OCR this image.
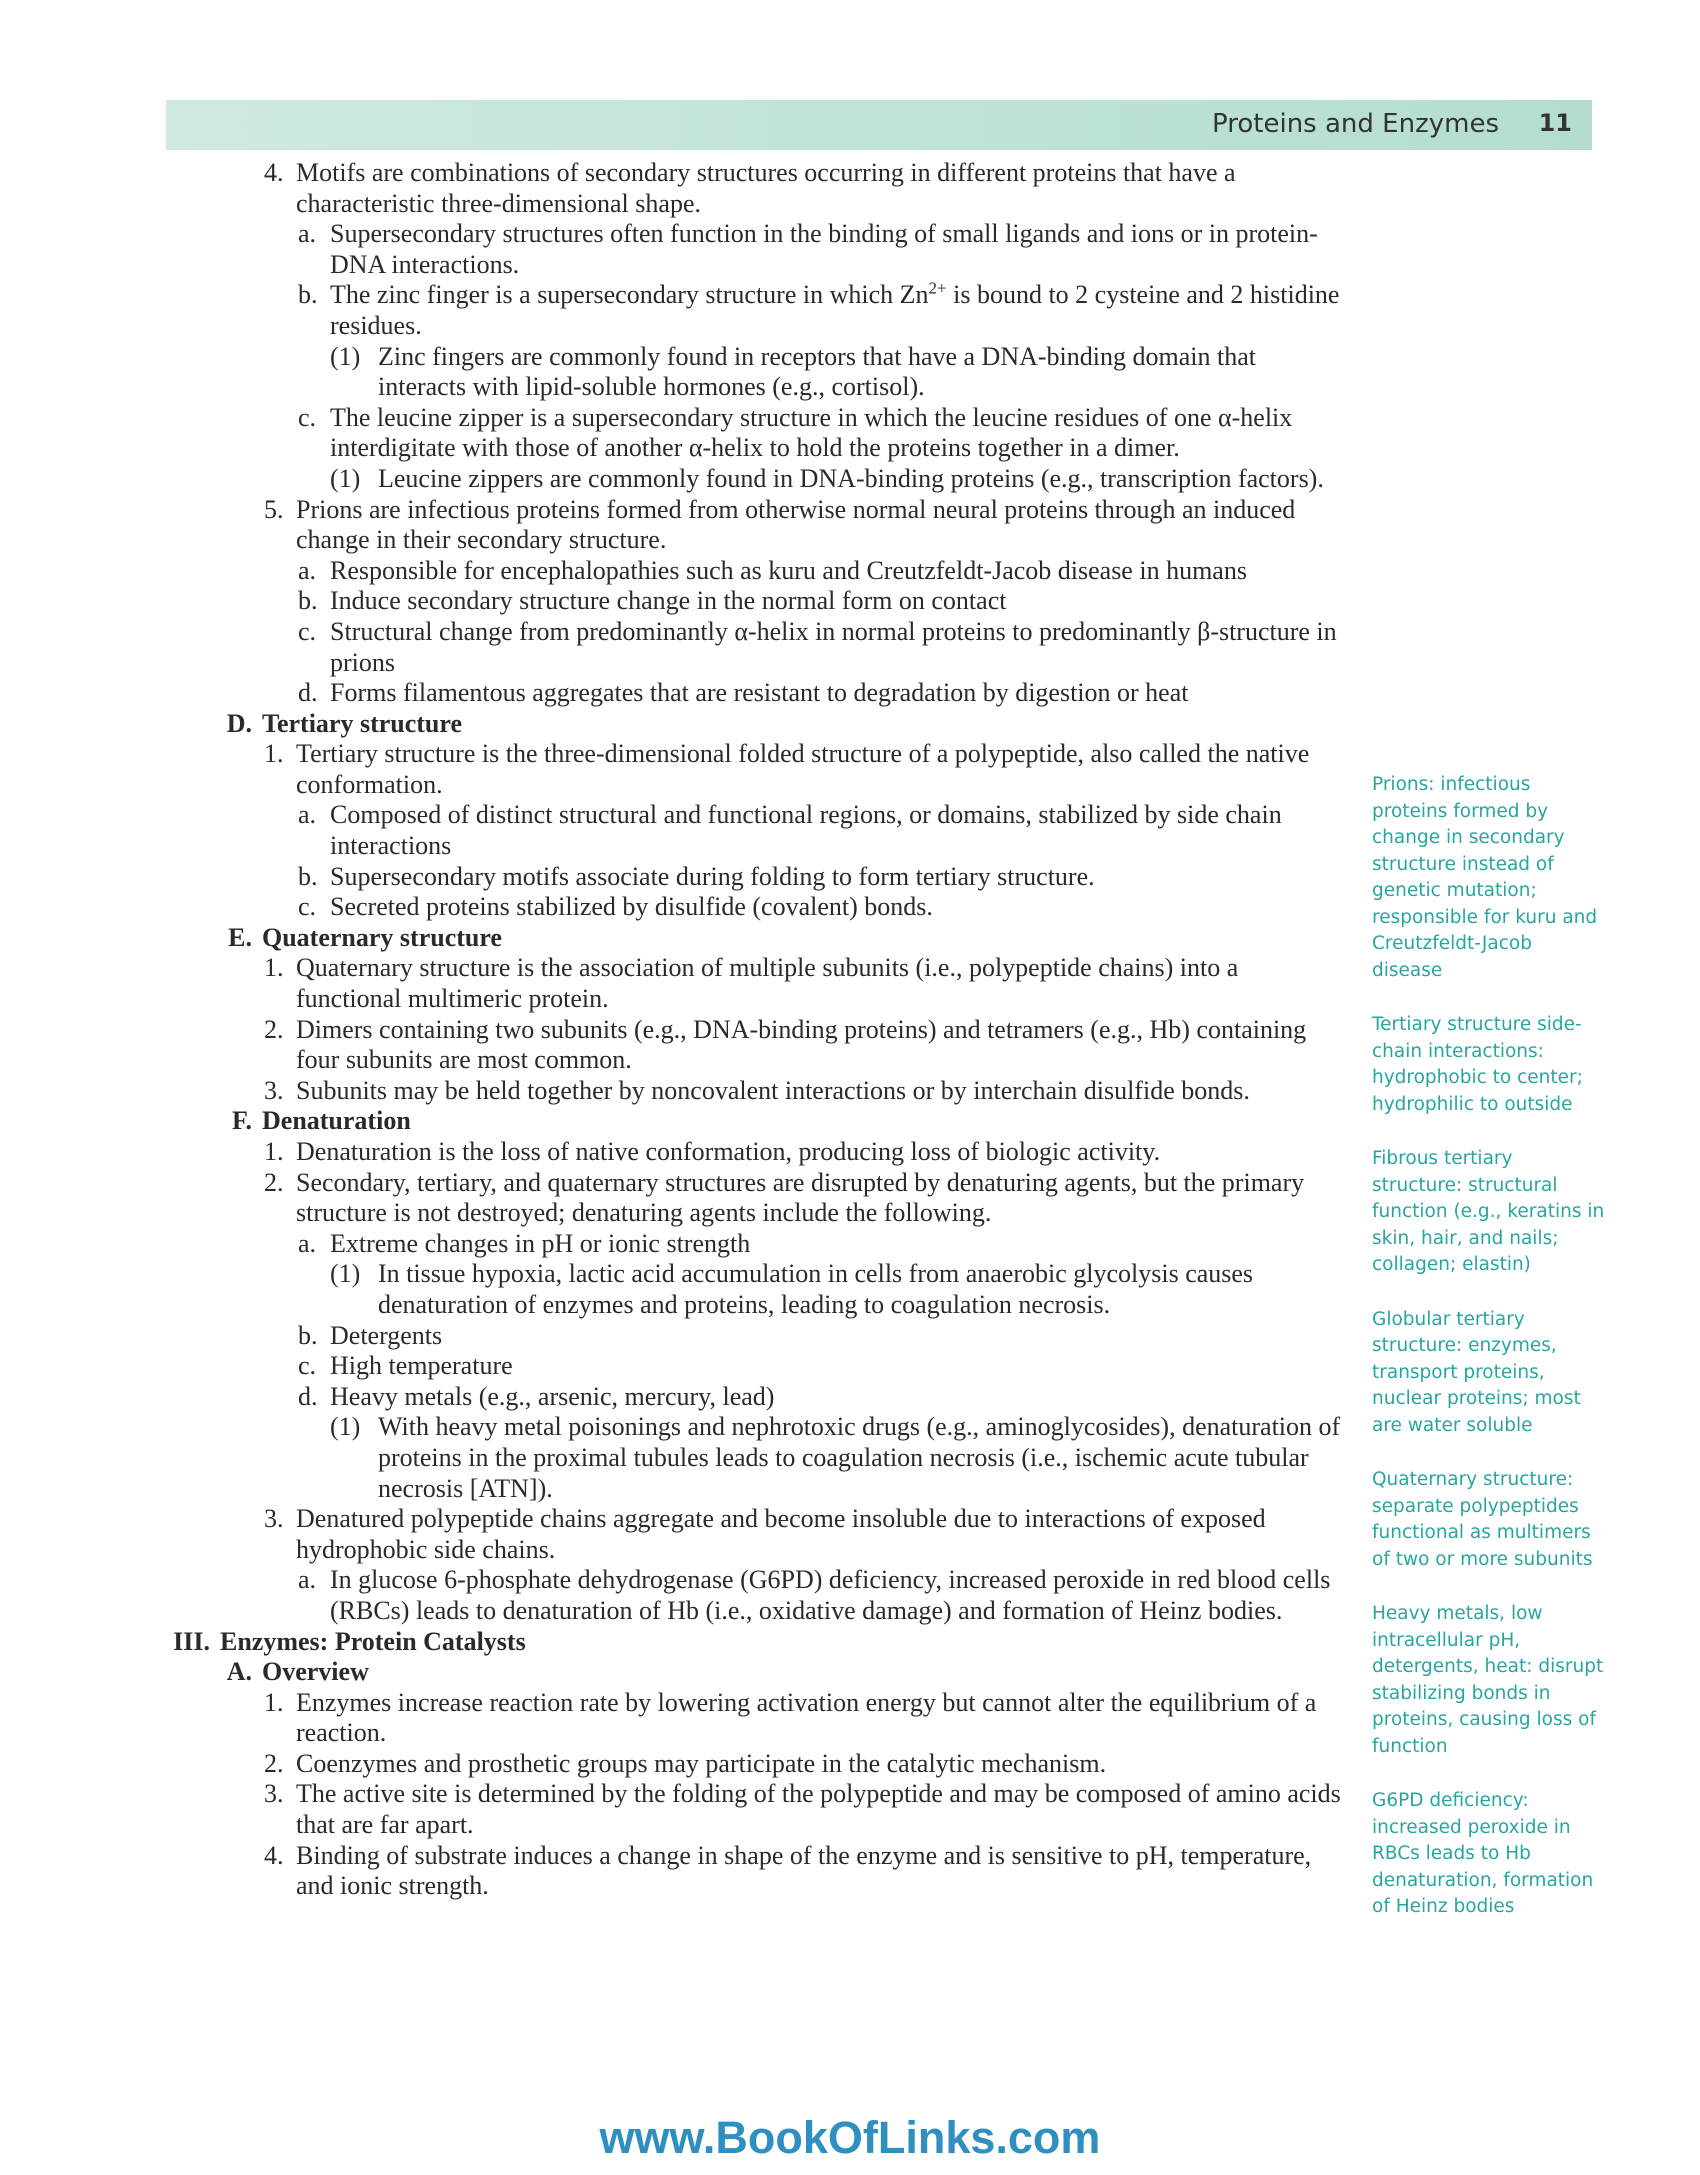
Proteins and Enzymes 11
4. Motifs are combinations of secondary structures occurring in different proteins that have a characteristic three-dimensional shape.
a. Supersecondary structures often function in the binding of small ligands and ions or in protein-DNA interactions.
b. The zinc finger is a supersecondary structure in which $Zn^{2+}$ is bound to 2 cysteine and 2 histidine residues.
(1) Zinc fingers are commonly found in receptors that have a DNA-binding domain that interacts with lipid-soluble hormones (e.g., cortisol).
c. The leucine zipper is a supersecondary structure in which the leucine residues of one α-helix interdigitate with those of another α-helix to hold the proteins together in a dimer.
(1) Leucine zippers are commonly found in DNA-binding proteins (e.g., transcription factors).
5. Prions are infectious proteins formed from otherwise normal neural proteins through an induced change in their secondary structure.
a. Responsible for encephalopathies such as kuru and Creutzfeldt-Jacob disease in humans
b. Induce secondary structure change in the normal form on contact
c. Structural change from predominantly α-helix in normal proteins to predominantly β-structure in prions
d. Forms filamentous aggregates that are resistant to degradation by digestion or heat
D. Tertiary structure
1. Tertiary structure is the three-dimensional folded structure of a polypeptide, also called the native conformation.
a. Composed of distinct structural and functional regions, or domains, stabilized by side chain interactions
b. Supersecondary motifs associate during folding to form tertiary structure.
c. Secreted proteins stabilized by disulfide (covalent) bonds.
E. Quaternary structure
1. Quaternary structure is the association of multiple subunits (i.e., polypeptide chains) into a functional multimeric protein.
2. Dimers containing two subunits (e.g., DNA-binding proteins) and tetramers (e.g., Hb) containing four subunits are most common.
3. Subunits may be held together by noncovalent interactions or by interchain disulfide bonds.
F. Denaturation
1. Denaturation is the loss of native conformation, producing loss of biologic activity.
2. Secondary, tertiary, and quaternary structures are disrupted by denaturing agents, but the primary structure is not destroyed; denaturing agents include the following.
a. Extreme changes in pH or ionic strength
(1) In tissue hypoxia, lactic acid accumulation in cells from anaerobic glycolysis causes denaturation of enzymes and proteins, leading to coagulation necrosis.
b. Detergents
c. High temperature
d. Heavy metals (e.g., arsenic, mercury, lead)
(1) With heavy metal poisonings and nephrotoxic drugs (e.g., aminoglycosides), denaturation of proteins in the proximal tubules leads to coagulation necrosis (i.e., ischemic acute tubular necrosis [ATN]).
3. Denatured polypeptide chains aggregate and become insoluble due to interactions of exposed hydrophobic side chains.
a. In glucose 6-phosphate dehydrogenase (G6PD) deficiency, increased peroxide in red blood cells (RBCs) leads to denaturation of Hb (i.e., oxidative damage) and formation of Heinz bodies.
III. Enzymes: Protein Catalysts
A. Overview
1. Enzymes increase reaction rate by lowering activation energy but cannot alter the equilibrium of a reaction.
2. Coenzymes and prosthetic groups may participate in the catalytic mechanism.
3. The active site is determined by the folding of the polypeptide and may be composed of amino acids that are far apart.
4. Binding of substrate induces a change in shape of the enzyme and is sensitive to pH, temperature, and ionic strength.
Prions: infectious proteins formed by change in secondary structure instead of genetic mutation; responsible for kuru and Creutzfeldt-Jacob disease
Tertiary structure side-chain interactions: hydrophobic to center; hydrophilic to outside
Fibrous tertiary structure: structural function (e.g., keratins in skin, hair, and nails; collagen; elastin)
Globular tertiary structure: enzymes, transport proteins, nuclear proteins; most are water soluble
Quaternary structure: separate polypeptides functional as multimers of two or more subunits
Heavy metals, low intracellular pH, detergents, heat: disrupt stabilizing bonds in proteins, causing loss of function
G6PD deficiency: increased peroxide in RBCs leads to Hb denaturation, formation of Heinz bodies
www.BookOfLinks.com
